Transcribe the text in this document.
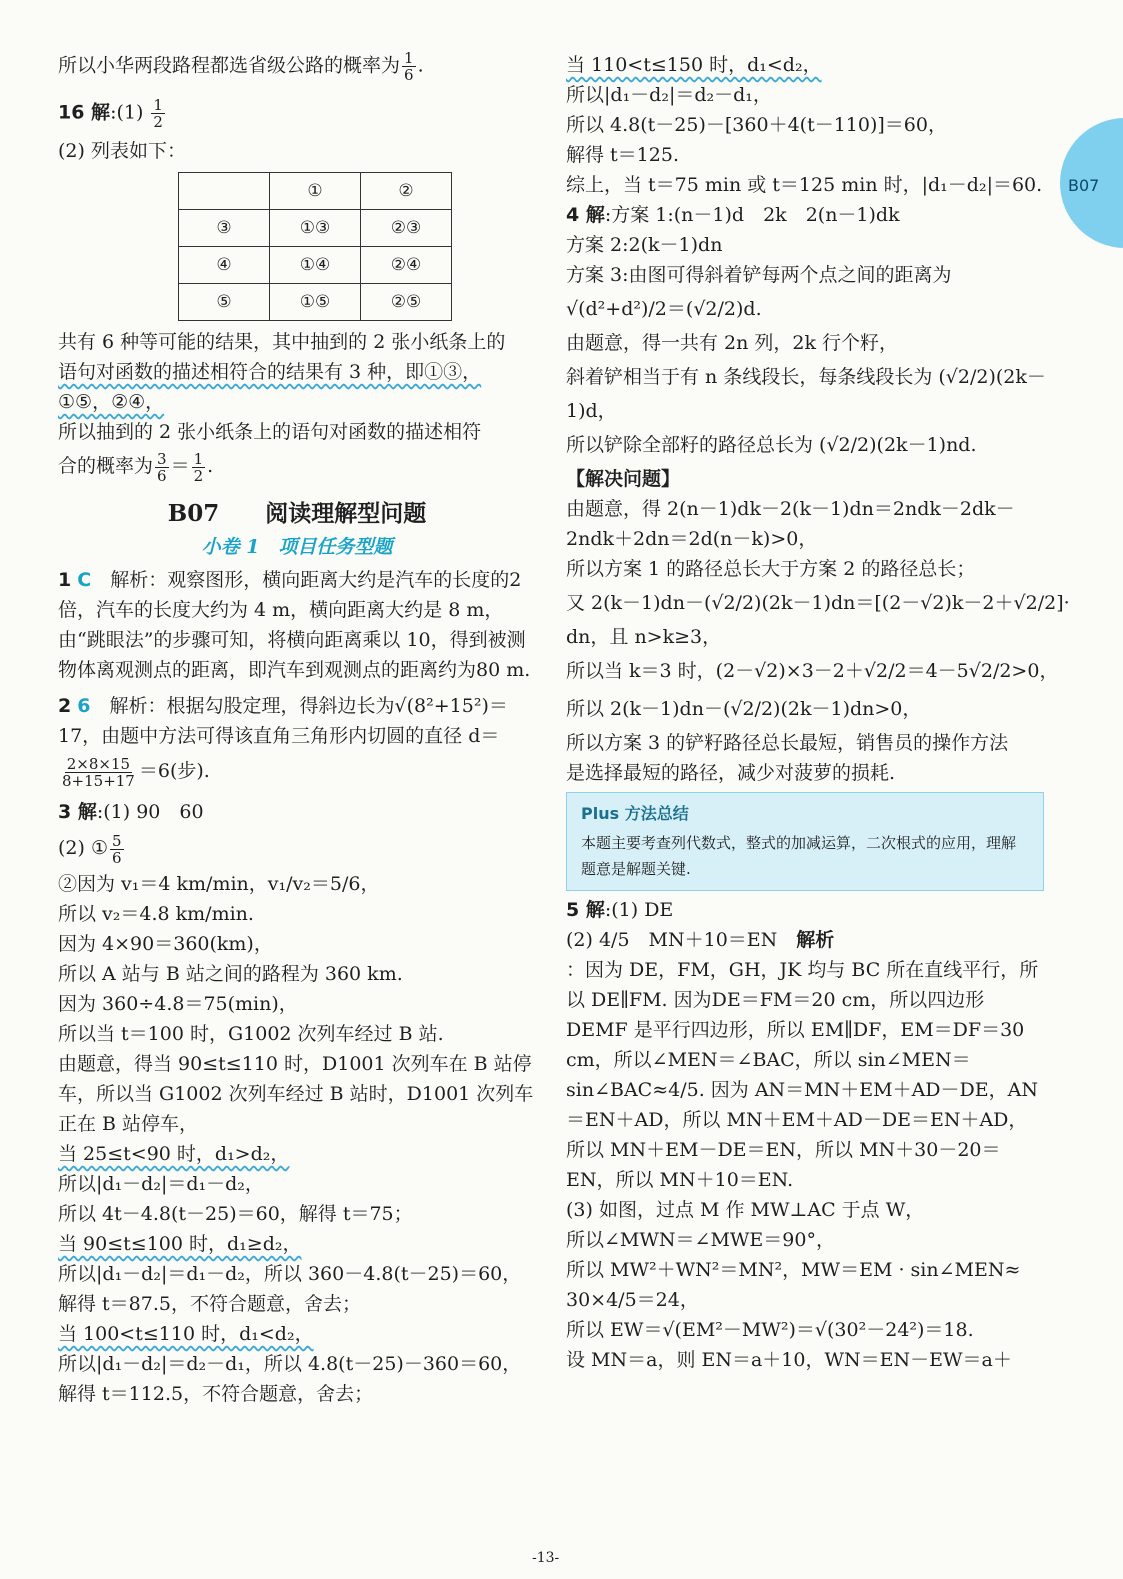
B07
所以小华两段路程都选省级公路的概率为 $\frac{1}{6}$ .
16 解:(1) $\frac{1}{2}$
(2) 列表如下：
	①	②
③	①③	②③
④	①④	②④
⑤	①⑤	②⑤
共有 6 种等可能的结果，其中抽到的 2 张小纸条上的
语句对函数的描述相符合的结果有 3 种，即①③，
①⑤，②④，
所以抽到的 2 张小纸条上的语句对函数的描述相符
合的概率为 $\frac{3}{6} = \frac{1}{2}$ .
B07　　阅读理解型问题
小卷 1　项目任务型题
1 C　 解析：观察图形，横向距离大约是汽车的长度的2 倍，汽车的长度大约为 4 m，横向距离大约是 8 m，由“跳眼法”的步骤可知，将横向距离乘以 10，得到被测物体离观测点的距离，即汽车到观测点的距离约为80 m.
2 6　 解析：根据勾股定理，得斜边长为√(8²+15²)＝
17，由题中方法可得该直角三角形内切圆的直径 d＝
$\frac{2\times 8\times 15}{8+15+17} =6$(步).
3 解:(1) 90　60
(2) ① $\frac{5}{6}$
②因为 v₁＝4 km/min，v₁/v₂＝5/6，
所以 v₂＝4.8 km/min.
因为 4×90＝360(km)，
所以 A 站与 B 站之间的路程为 360 km.
因为 360÷4.8＝75(min)，
所以当 t＝100 时，G1002 次列车经过 B 站.
由题意，得当 90≤t≤110 时，D1001 次列车在 B 站停
车，所以当 G1002 次列车经过 B 站时，D1001 次列车
正在 B 站停车，
当 25≤t<90 时，d₁>d₂，
所以|d₁－d₂|＝d₁－d₂，
所以 4t－4.8(t－25)＝60，解得 t＝75；
当 90≤t≤100 时，d₁≥d₂，
所以|d₁－d₂|＝d₁－d₂，所以 360－4.8(t－25)＝60，
解得 t＝87.5，不符合题意，舍去；
当 100<t≤110 时，d₁<d₂，
所以|d₁－d₂|＝d₂－d₁，所以 4.8(t－25)－360＝60，
解得 t＝112.5，不符合题意，舍去；
当 110<t≤150 时，d₁<d₂，
所以|d₁－d₂|＝d₂－d₁，
所以 4.8(t－25)－[360＋4(t－110)]＝60，
解得 t＝125.
综上，当 t＝75 min 或 t＝125 min 时，|d₁－d₂|＝60.
4 解:方案 1:(n－1)d　2k　2(n－1)dk
方案 2:2(k－1)dn
方案 3:由图可得斜着铲每两个点之间的距离为
√(d²+d²)/2＝(√2/2)d.
由题意，得一共有 2n 列，2k 行个籽，
斜着铲相当于有 n 条线段长，每条线段长为 (√2/2)(2k－
1)d，
所以铲除全部籽的路径总长为 (√2/2)(2k－1)nd.
【解决问题】
由题意，得 2(n－1)dk－2(k－1)dn＝2ndk－2dk－
2ndk＋2dn＝2d(n－k)>0，
所以方案 1 的路径总长大于方案 2 的路径总长；
又 2(k－1)dn－(√2/2)(2k－1)dn＝[(2－√2)k－2＋√2/2]·
dn，且 n>k≥3，
所以当 k＝3 时，(2－√2)×3－2＋√2/2＝4－5√2/2>0，
所以 2(k－1)dn－(√2/2)(2k－1)dn>0，
所以方案 3 的铲籽路径总长最短，销售员的操作方法
是选择最短的路径，减少对菠萝的损耗.
Plus 方法总结
本题主要考查列代数式，整式的加减运算，二次根式的应用，理解题意是解题关键.
5 解:(1) DE
(2) 4/5　MN＋10＝EN　解析
：因为 DE，FM，GH，JK 均与 BC 所在直线平行，所以 DE∥FM. 因为DE＝FM＝20 cm，所以四边形 DEMF 是平行四边形，所以 EM∥DF，EM＝DF＝30 cm，所以∠MEN＝∠BAC，所以 sin∠MEN＝sin∠BAC≈4/5. 因为 AN＝MN＋EM＋AD－DE，AN＝EN＋AD，所以 MN＋EM＋AD－DE＝EN＋AD，所以 MN＋EM－DE＝EN，所以 MN＋30－20＝EN，所以 MN＋10＝EN.
(3) 如图，过点 M 作 MW⊥AC 于点 W，
所以∠MWN＝∠MWE＝90°，
所以 MW²＋WN²＝MN²，MW＝EM · sin∠MEN≈
30×4/5＝24，
所以 EW＝√(EM²－MW²)＝√(30²－24²)＝18.
设 MN＝a，则 EN＝a＋10，WN＝EN－EW＝a＋
-13-
